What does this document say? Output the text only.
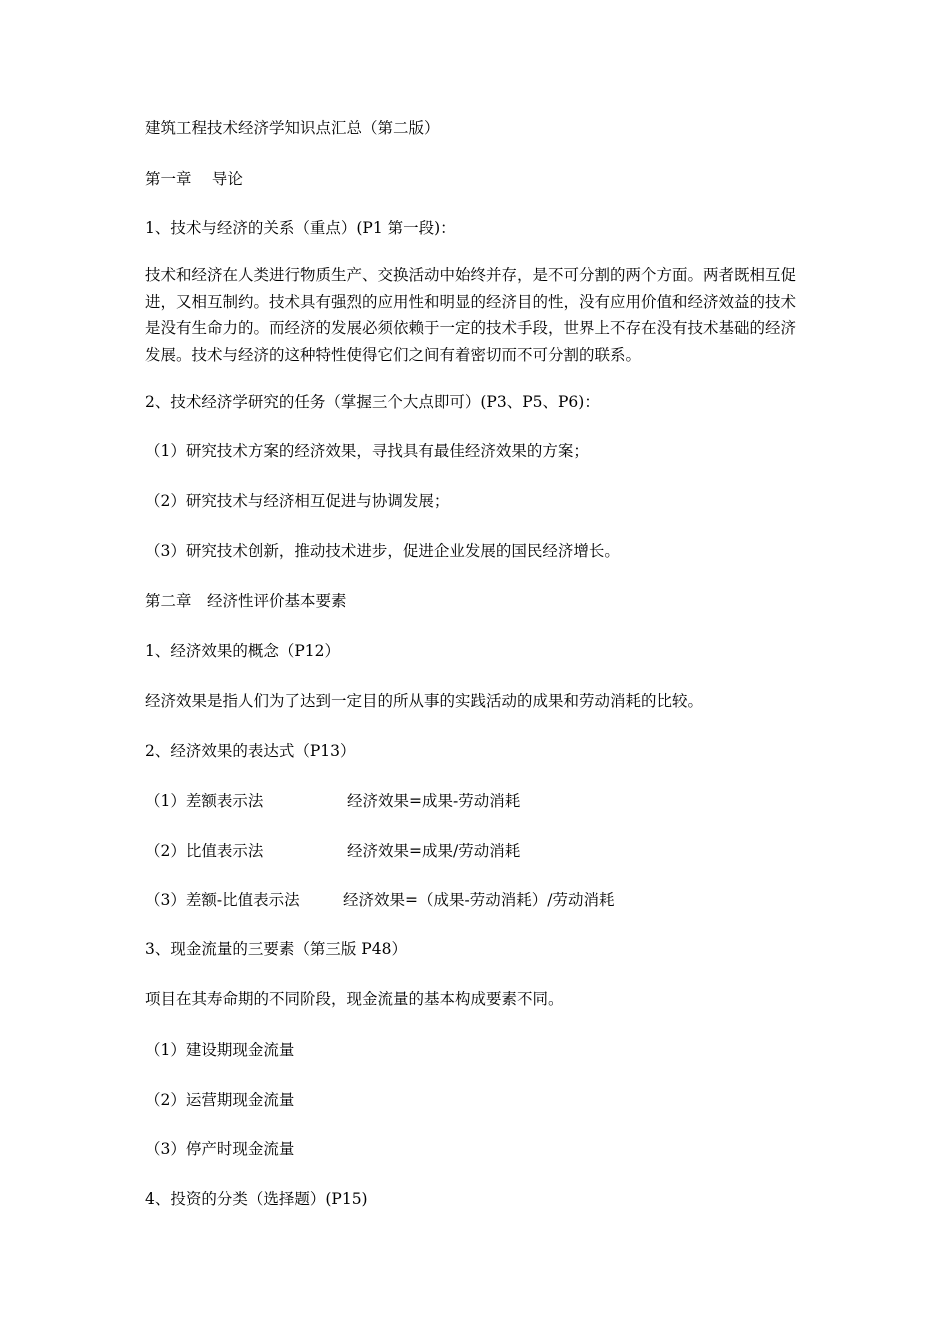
建筑工程技术经济学知识点汇总（第二版）
第一章　 导论
1、技术与经济的关系（重点）(P1 第一段)：
技术和经济在人类进行物质生产、交换活动中始终并存，是不可分割的两个方面。两者既相互促进，又相互制约。技术具有强烈的应用性和明显的经济目的性，没有应用价值和经济效益的技术是没有生命力的。而经济的发展必须依赖于一定的技术手段，世界上不存在没有技术基础的经济发展。技术与经济的这种特性使得它们之间有着密切而不可分割的联系。
2、技术经济学研究的任务（掌握三个大点即可）(P3、P5、P6)：
（1）研究技术方案的经济效果，寻找具有最佳经济效果的方案；
（2）研究技术与经济相互促进与协调发展；
（3）研究技术创新，推动技术进步，促进企业发展的国民经济增长。
第二章　经济性评价基本要素
1、经济效果的概念（P12）
经济效果是指人们为了达到一定目的所从事的实践活动的成果和劳动消耗的比较。
2、经济效果的表达式（P13）
（1）差额表示法	经济效果=成果-劳动消耗
（2）比值表示法	经济效果=成果/劳动消耗
（3）差额-比值表示法	经济效果=（成果-劳动消耗）/劳动消耗
3、现金流量的三要素（第三版 P48）
项目在其寿命期的不同阶段，现金流量的基本构成要素不同。
（1）建设期现金流量
（2）运营期现金流量
（3）停产时现金流量
4、投资的分类（选择题）(P15)
